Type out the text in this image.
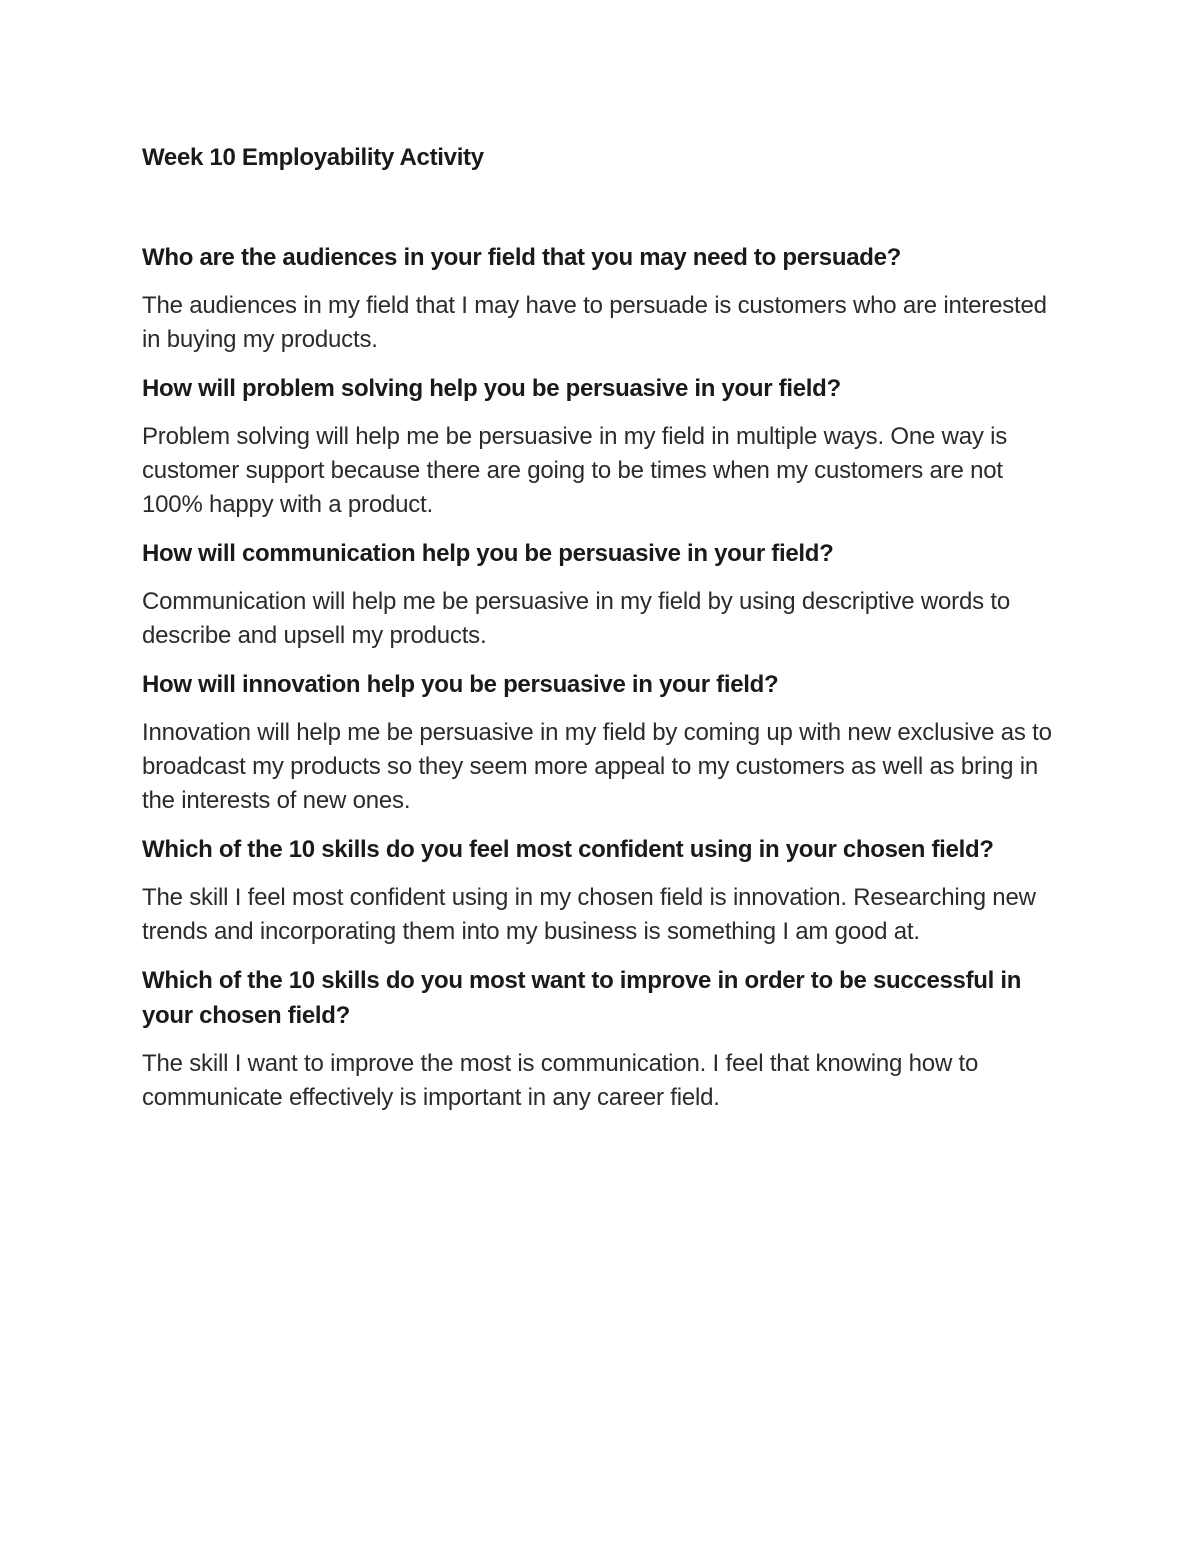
Week 10 Employability Activity
Who are the audiences in your field that you may need to persuade?
The audiences in my field that I may have to persuade is customers who are interested in buying my products.
How will problem solving help you be persuasive in your field?
Problem solving will help me be persuasive in my field in multiple ways. One way is customer support because there are going to be times when my customers are not 100% happy with a product.
How will communication help you be persuasive in your field?
Communication will help me be persuasive in my field by using descriptive words to describe and upsell my products.
How will innovation help you be persuasive in your field?
Innovation will help me be persuasive in my field by coming up with new exclusive as to broadcast my products so they seem more appeal to my customers as well as bring in the interests of new ones.
Which of the 10 skills do you feel most confident using in your chosen field?
The skill I feel most confident using in my chosen field is innovation. Researching new trends and incorporating them into my business is something I am good at.
Which of the 10 skills do you most want to improve in order to be successful in your chosen field?
The skill I want to improve the most is communication. I feel that knowing how to communicate effectively is important in any career field.
